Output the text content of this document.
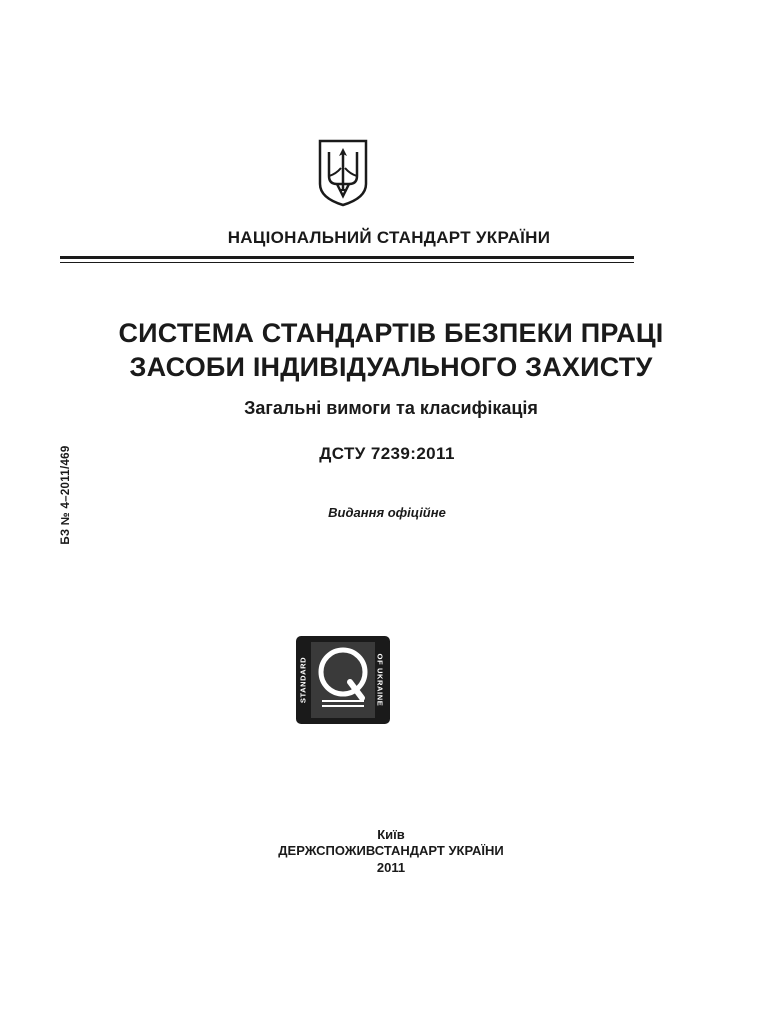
НАЦІОНАЛЬНИЙ СТАНДАРТ УКРАЇНИ
СИСТЕМА СТАНДАРТІВ БЕЗПЕКИ ПРАЦІ
ЗАСОБИ ІНДИВІДУАЛЬНОГО ЗАХИСТУ
Загальні вимоги та класифікація
ДСТУ 7239:2011
Видання офіційне
БЗ № 4–2011/469
STANDARD	OF UKRAINE
Київ
ДЕРЖСПОЖИВСТАНДАРТ УКРАЇНИ
2011
